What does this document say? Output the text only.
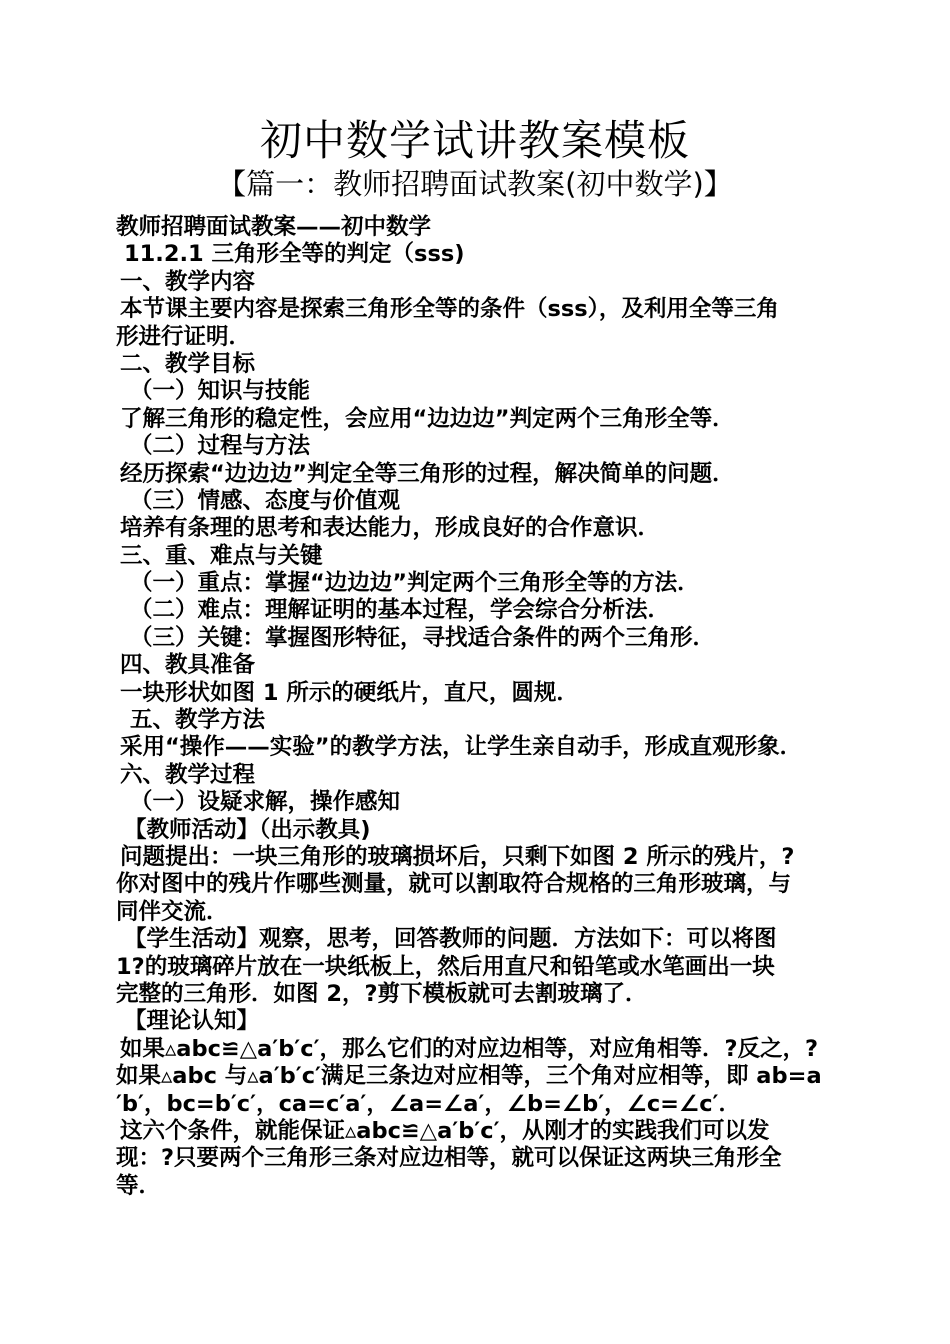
初中数学试讲教案模板
【篇一：教师招聘面试教案(初中数学)】
教师招聘面试教案——初中数学
11.2.1 三角形全等的判定（sss)
一、教学内容
本节课主要内容是探索三角形全等的条件（sss），及利用全等三角
形进行证明．
二、教学目标
（一）知识与技能
了解三角形的稳定性，会应用“边边边”判定两个三角形全等．
（二）过程与方法
经历探索“边边边”判定全等三角形的过程，解决简单的问题．
（三）情感、态度与价值观
培养有条理的思考和表达能力，形成良好的合作意识．
三、重、难点与关键
（一）重点：掌握“边边边”判定两个三角形全等的方法．
（二）难点：理解证明的基本过程，学会综合分析法．
（三）关键：掌握图形特征，寻找适合条件的两个三角形．
四、教具准备
一块形状如图 1 所示的硬纸片，直尺，圆规．
五、教学方法
采用“操作——实验”的教学方法，让学生亲自动手，形成直观形象．
六、教学过程
（一）设疑求解，操作感知
【教师活动】（出示教具)
问题提出：一块三角形的玻璃损坏后，只剩下如图 2 所示的残片，?
你对图中的残片作哪些测量，就可以割取符合规格的三角形玻璃，与
同伴交流．
【学生活动】观察，思考，回答教师的问题．方法如下：可以将图
1?的玻璃碎片放在一块纸板上，然后用直尺和铅笔或水笔画出一块
完整的三角形．如图 2，?剪下模板就可去割玻璃了．
【理论认知】
如果▵abc≌△a′b′c′，那么它们的对应边相等，对应角相等．?反之，?
如果▵abc 与▵a′b′c′满足三条边对应相等，三个角对应相等，即 ab=a
′b′，bc=b′c′，ca=c′a′，∠a=∠a′，∠b=∠b′，∠c=∠c′．
这六个条件，就能保证▵abc≌△a′b′c′，从刚才的实践我们可以发
现：?只要两个三角形三条对应边相等，就可以保证这两块三角形全
等．
